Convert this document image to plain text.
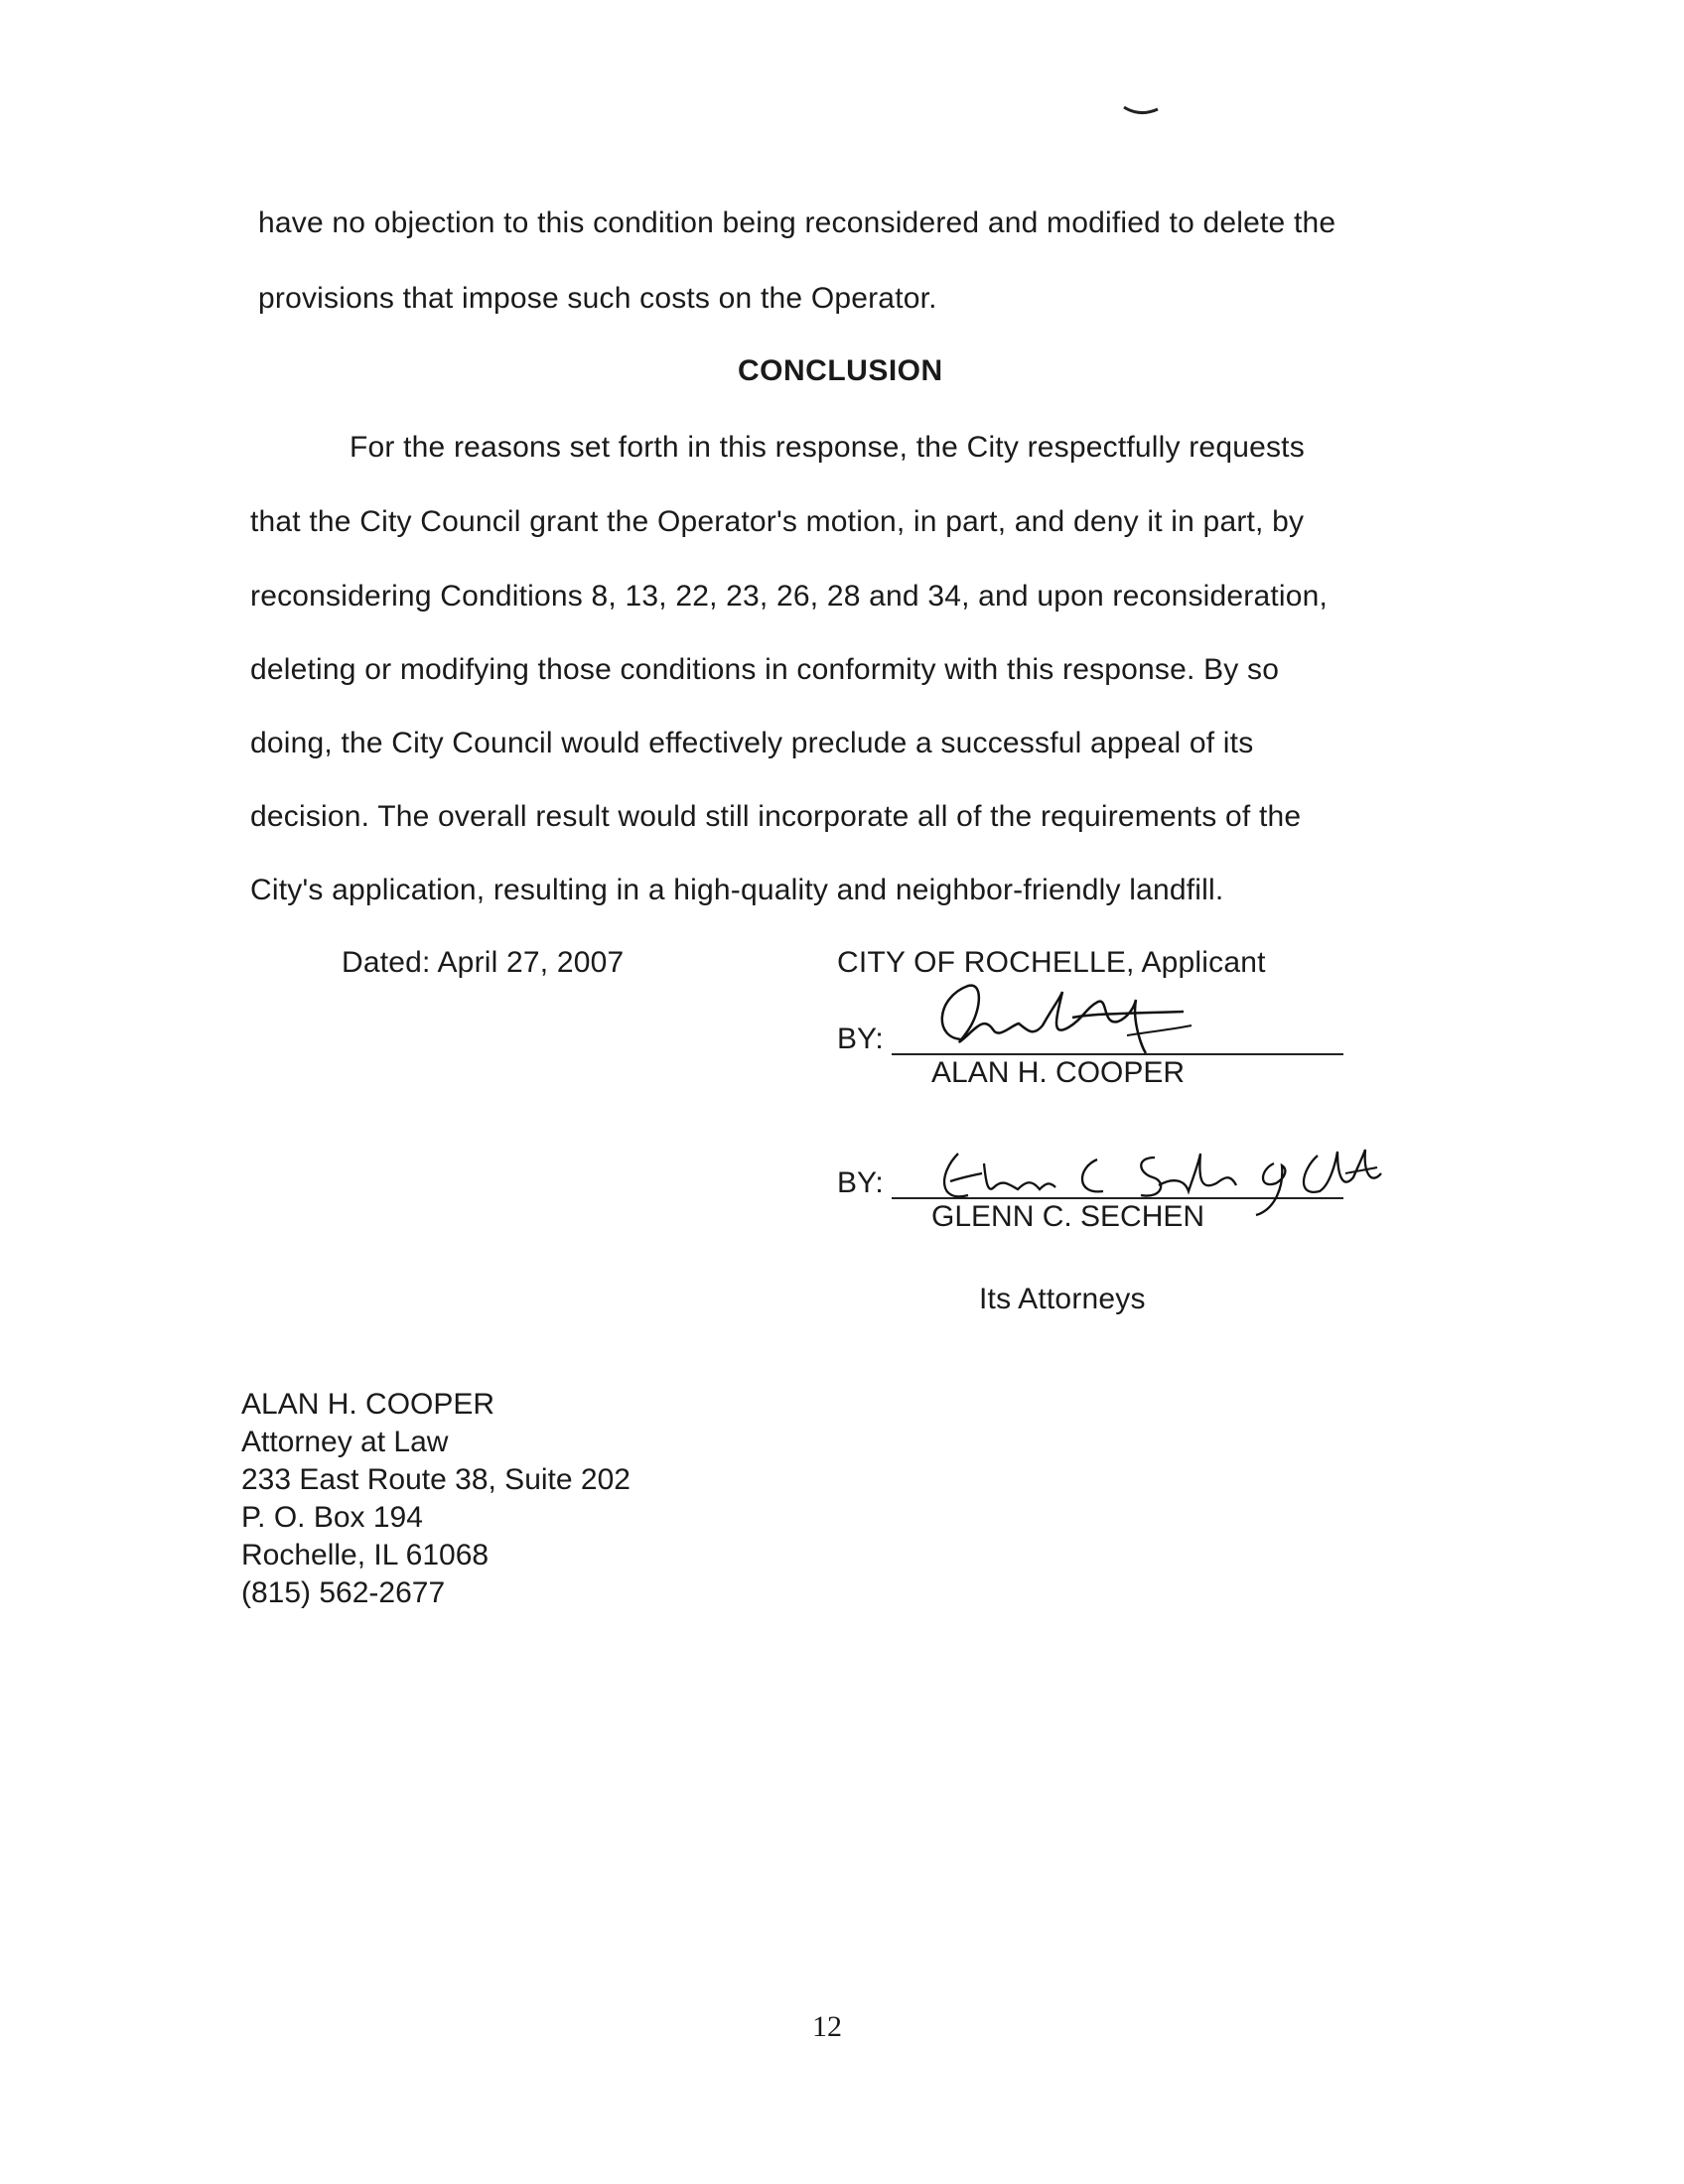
have no objection to this condition being reconsidered and modified to delete the
provisions that impose such costs on the Operator.
CONCLUSION
For the reasons set forth in this response, the City respectfully requests
that the City Council grant the Operator's motion, in part, and deny it in part, by
reconsidering Conditions 8, 13, 22, 23, 26, 28 and 34, and upon reconsideration,
deleting or modifying those conditions in conformity with this response. By so
doing, the City Council would effectively preclude a successful appeal of its
decision. The overall result would still incorporate all of the requirements of the
City's application, resulting in a high-quality and neighbor-friendly landfill.
Dated: April 27, 2007	CITY OF ROCHELLE, Applicant
BY:
ALAN H. COOPER
BY:
GLENN C. SECHEN
Its Attorneys
ALAN H. COOPER
Attorney at Law
233 East Route 38, Suite 202
P. O. Box 194
Rochelle, IL 61068
(815) 562-2677
12
